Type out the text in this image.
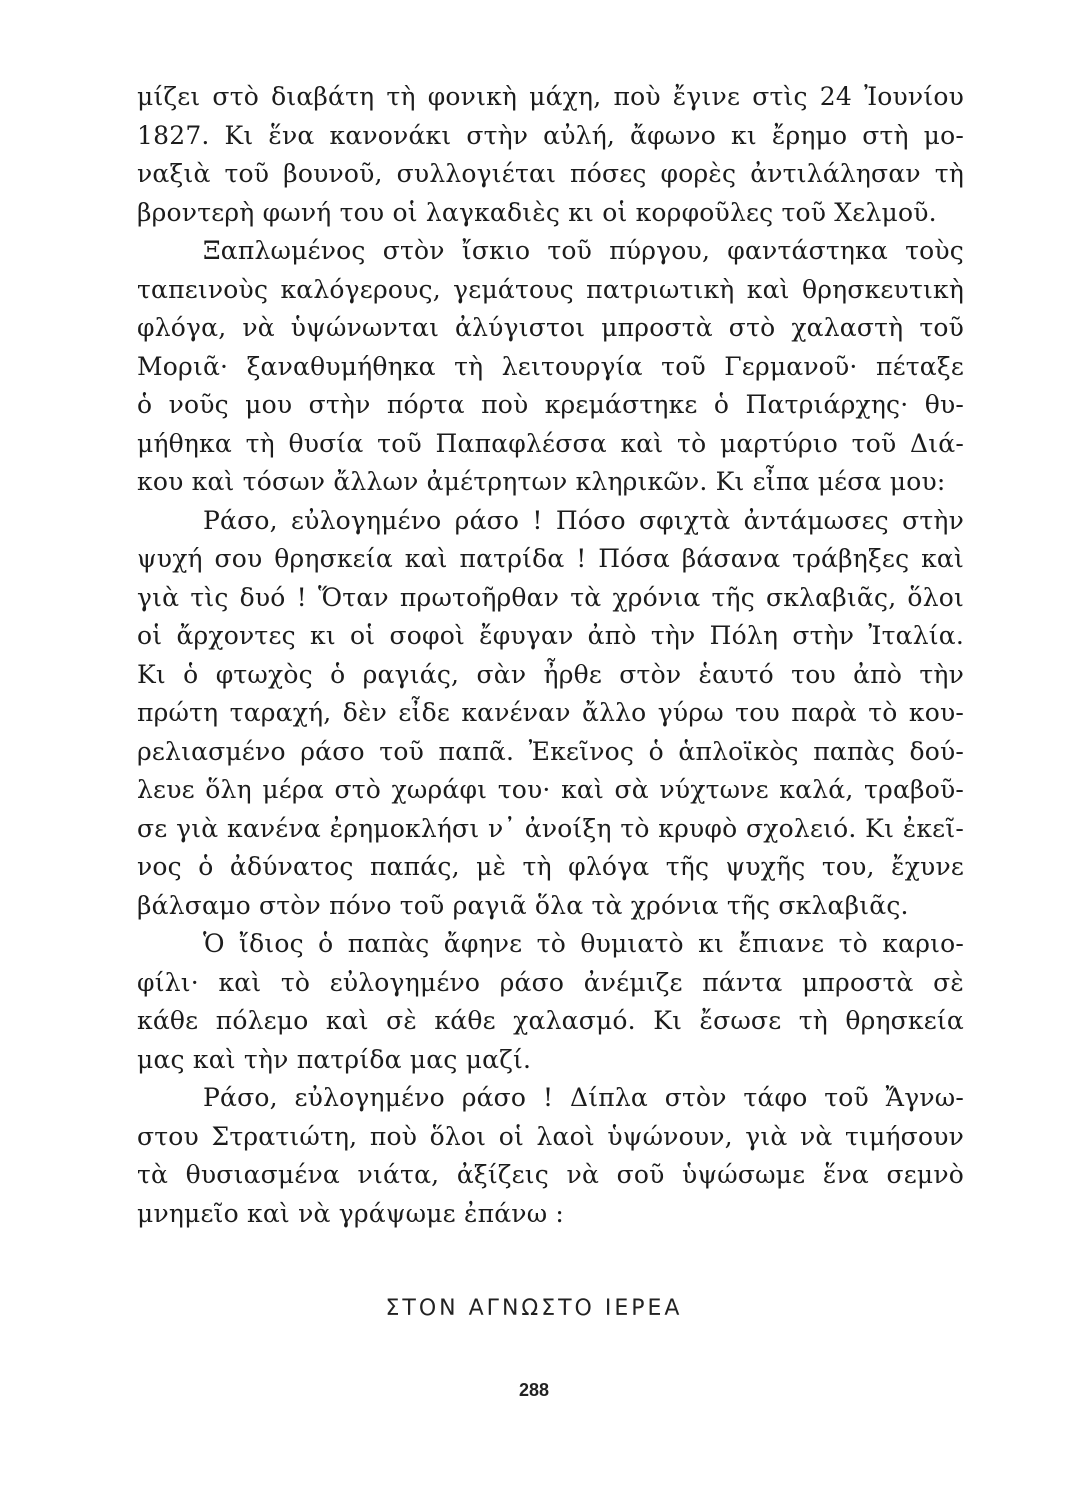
μίζει στὸ διαβάτη τὴ φονικὴ μάχη, ποὺ ἔγινε στὶς 24 Ἰουνίου
1827. Κι ἕνα κανονάκι στὴν αὐλή, ἄφωνο κι ἔρημο στὴ μο-
ναξιὰ τοῦ βουνοῦ, συλλογιέται πόσες φορὲς ἀντιλάλησαν τὴ
βροντερὴ φωνή του οἱ λαγκαδιὲς κι οἱ κορφοῦλες τοῦ Χελμοῦ.
Ξαπλωμένος στὸν ἴσκιο τοῦ πύργου, φαντάστηκα τοὺς
ταπεινοὺς καλόγερους, γεμάτους πατριωτικὴ καὶ θρησκευτικὴ
φλόγα, νὰ ὑψώνωνται ἀλύγιστοι μπροστὰ στὸ χαλαστὴ τοῦ
Μοριᾶ· ξαναθυμήθηκα τὴ λειτουργία τοῦ Γερμανοῦ· πέταξε
ὁ νοῦς μου στὴν πόρτα ποὺ κρεμάστηκε ὁ Πατριάρχης· θυ-
μήθηκα τὴ θυσία τοῦ Παπαφλέσσα καὶ τὸ μαρτύριο τοῦ Διά-
κου καὶ τόσων ἄλλων ἀμέτρητων κληρικῶν. Κι εἶπα μέσα μου:
Ράσο, εὐλογημένο ράσο ! Πόσο σφιχτὰ ἀντάμωσες στὴν
ψυχή σου θρησκεία καὶ πατρίδα ! Πόσα βάσανα τράβηξες καὶ
γιὰ τὶς δυό ! Ὅταν πρωτοῆρθαν τὰ χρόνια τῆς σκλαβιᾶς, ὅλοι
οἱ ἄρχοντες κι οἱ σοφοὶ ἔφυγαν ἀπὸ τὴν Πόλη στὴν Ἰταλία.
Κι ὁ φτωχὸς ὁ ραγιάς, σὰν ἦρθε στὸν ἑαυτό του ἀπὸ τὴν
πρώτη ταραχή, δὲν εἶδε κανέναν ἄλλο γύρω του παρὰ τὸ κου-
ρελιασμένο ράσο τοῦ παπᾶ. Ἐκεῖνος ὁ ἁπλοϊκὸς παπὰς δού-
λευε ὅλη μέρα στὸ χωράφι του· καὶ σὰ νύχτωνε καλά, τραβοῦ-
σε γιὰ κανένα ἐρημοκλήσι ν᾽ ἀνοίξη τὸ κρυφὸ σχολειό. Κι ἐκεῖ-
νος ὁ ἀδύνατος παπάς, μὲ τὴ φλόγα τῆς ψυχῆς του, ἔχυνε
βάλσαμο στὸν πόνο τοῦ ραγιᾶ ὅλα τὰ χρόνια τῆς σκλαβιᾶς.
Ὁ ἴδιος ὁ παπὰς ἄφηνε τὸ θυμιατὸ κι ἔπιανε τὸ καριο-
φίλι· καὶ τὸ εὐλογημένο ράσο ἀνέμιζε πάντα μπροστὰ σὲ
κάθε πόλεμο καὶ σὲ κάθε χαλασμό. Κι ἔσωσε τὴ θρησκεία
μας καὶ τὴν πατρίδα μας μαζί.
Ράσο, εὐλογημένο ράσο ! Δίπλα στὸν τάφο τοῦ Ἄγνω-
στου Στρατιώτη, ποὺ ὅλοι οἱ λαοὶ ὑψώνουν, γιὰ νὰ τιμήσουν
τὰ θυσιασμένα νιάτα, ἀξίζεις νὰ σοῦ ὑψώσωμε ἕνα σεμνὸ
μνημεῖο καὶ νὰ γράψωμε ἐπάνω :
ΣΤΟΝ ΑΓΝΩΣΤΟ ΙΕΡΕΑ
288
